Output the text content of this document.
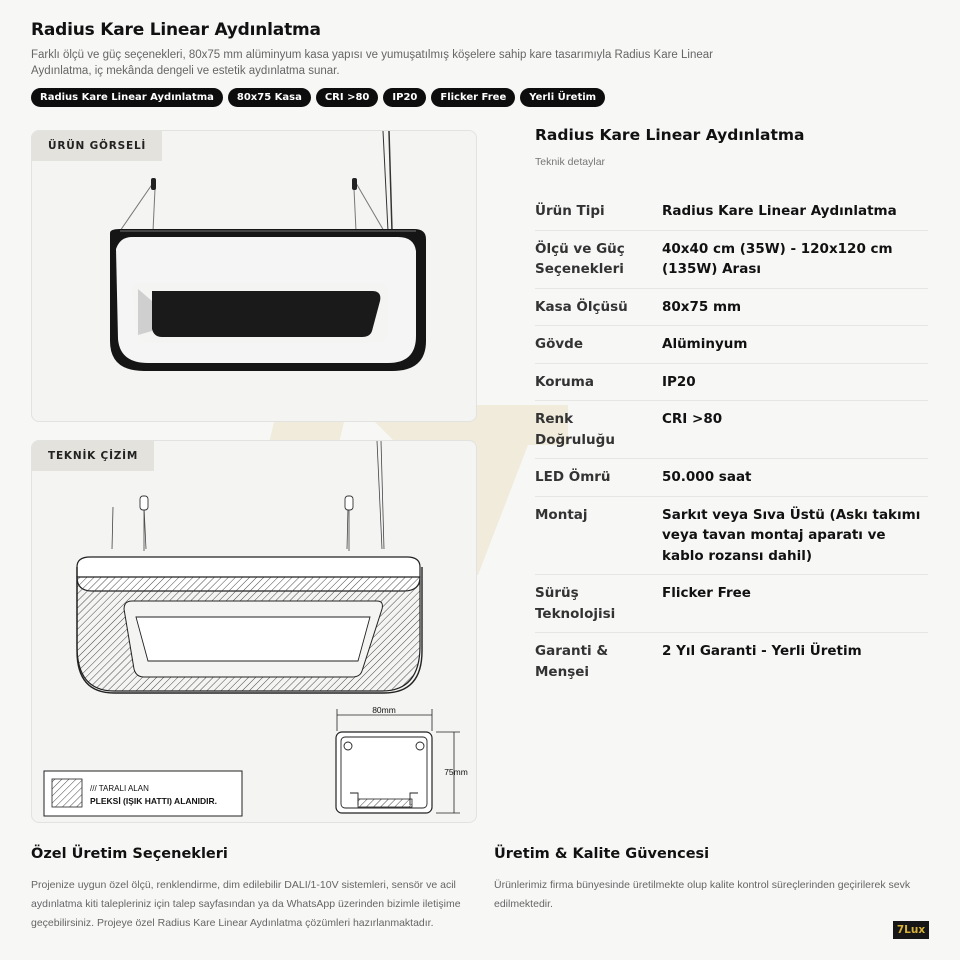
Radius Kare Linear Aydınlatma

Farklı ölçü ve güç seçenekleri, 80x75 mm alüminyum kasa yapısı ve yumuşatılmış köşelere sahip kare tasarımıyla Radius Kare Linear Aydınlatma, iç mekânda dengeli ve estetik aydınlatma sunar.

Radius Kare Linear Aydınlatma	80x75 Kasa	CRI >80	IP20	Flicker Free	Yerli Üretim
ÜRÜN GÖRSELİ
/// TARALI ALAN
PLEKSİ (IŞIK HATTI) ALANIDIR.
80mm
75mm
TEKNİK ÇİZİM
Radius Kare Linear Aydınlatma
Teknik detaylar
Ürün Tipi	Radius Kare Linear Aydınlatma
Ölçü ve Güç Seçenekleri	40x40 cm (35W) - 120x120 cm (135W) Arası
Kasa Ölçüsü	80x75 mm
Gövde	Alüminyum
Koruma	IP20
Renk Doğruluğu	CRI >80
LED Ömrü	50.000 saat
Montaj	Sarkıt veya Sıva Üstü (Askı takımı veya tavan montaj aparatı ve kablo rozansı dahil)
Sürüş Teknolojisi	Flicker Free
Garanti & Menşei	2 Yıl Garanti - Yerli Üretim
Özel Üretim Seçenekleri

Projenize uygun özel ölçü, renklendirme, dim edilebilir DALI/1-10V sistemleri, sensör ve acil aydınlatma kiti talepleriniz için talep sayfasından ya da WhatsApp üzerinden bizimle iletişime geçebilirsiniz. Projeye özel Radius Kare Linear Aydınlatma çözümleri hazırlanmaktadır.

Üretim & Kalite Güvencesi

Ürünlerimiz firma bünyesinde üretilmekte olup kalite kontrol süreçlerinden geçirilerek sevk edilmektedir.

7Lux
